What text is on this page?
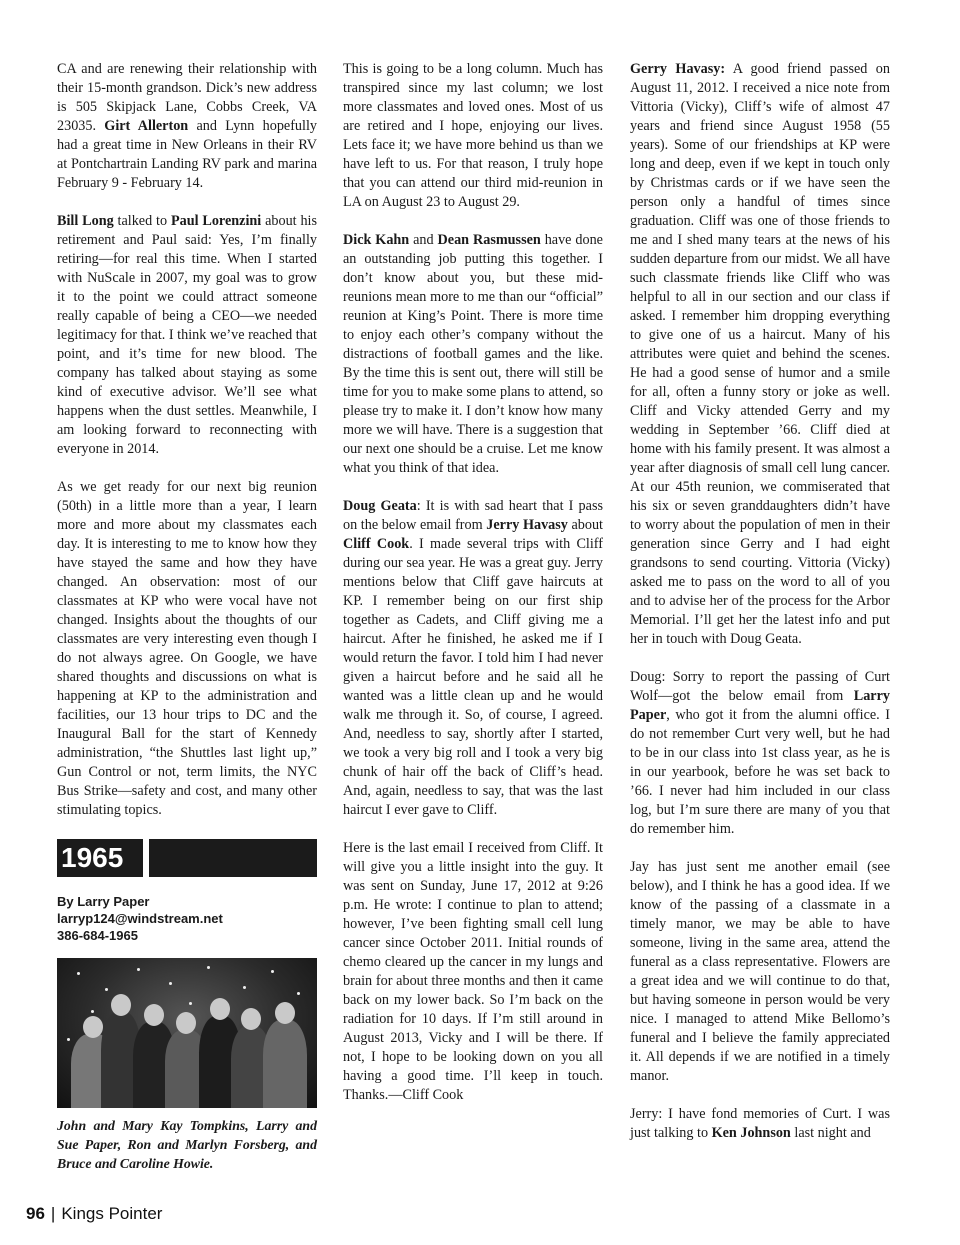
CA and are renewing their relationship with their 15-month grandson. Dick’s new address is 505 Skipjack Lane, Cobbs Creek, VA 23035. Girt Allerton and Lynn hopefully had a great time in New Orleans in their RV at Pontchartrain Landing RV park and marina February 9 - February 14.

Bill Long talked to Paul Lorenzini about his retirement and Paul said: Yes, I’m finally retiring—for real this time. When I started with NuScale in 2007, my goal was to grow it to the point we could attract someone really capable of being a CEO—we needed legitimacy for that. I think we’ve reached that point, and it’s time for new blood. The company has talked about staying as some kind of executive advisor. We’ll see what happens when the dust settles. Meanwhile, I am looking forward to reconnecting with everyone in 2014.

As we get ready for our next big reunion (50th) in a little more than a year, I learn more and more about my classmates each day. It is interesting to me to know how they have stayed the same and how they have changed. An observation: most of our classmates at KP who were vocal have not changed. Insights about the thoughts of our classmates are very interesting even though I do not always agree. On Google, we have shared thoughts and discussions on what is happening at KP to the administration and facilities, our 13 hour trips to DC and the Inaugural Ball for the start of Kennedy administration, “the Shuttles last light up,” Gun Control or not, term limits, the NYC Bus Strike—safety and cost, and many other stimulating topics.

1965
By Larry Paper
larryp124@windstream.net
386-684-1965
John and Mary Kay Tompkins, Larry and Sue Paper, Ron and Marlyn Forsberg, and Bruce and Caroline Howie.

This is going to be a long column. Much has transpired since my last column; we lost more classmates and loved ones. Most of us are retired and I hope, enjoying our lives. Lets face it; we have more behind us than we have left to us. For that reason, I truly hope that you can attend our third mid-reunion in LA on August 23 to August 29.

Dick Kahn and Dean Rasmussen have done an outstanding job putting this together. I don’t know about you, but these mid-reunions mean more to me than our “official” reunion at King’s Point. There is more time to enjoy each other’s company without the distractions of football games and the like. By the time this is sent out, there will still be time for you to make some plans to attend, so please try to make it. I don’t know how many more we will have. There is a suggestion that our next one should be a cruise. Let me know what you think of that idea.

Doug Geata: It is with sad heart that I pass on the below email from Jerry Havasy about Cliff Cook. I made several trips with Cliff during our sea year. He was a great guy. Jerry mentions below that Cliff gave haircuts at KP. I remember being on our first ship together as Cadets, and Cliff giving me a haircut. After he finished, he asked me if I would return the favor. I told him I had never given a haircut before and he said all he wanted was a little clean up and he would walk me through it. So, of course, I agreed. And, needless to say, shortly after I started, we took a very big roll and I took a very big chunk of hair off the back of Cliff’s head. And, again, needless to say, that was the last haircut I ever gave to Cliff.

Here is the last email I received from Cliff. It will give you a little insight into the guy. It was sent on Sunday, June 17, 2012 at 9:26 p.m. He wrote: I continue to plan to attend; however, I’ve been fighting small cell lung cancer since October 2011. Initial rounds of chemo cleared up the cancer in my lungs and brain for about three months and then it came back on my lower back. So I’m back on the radiation for 10 days. If I’m still around in August 2013, Vicky and I will be there. If not, I hope to be looking down on you all having a good time. I’ll keep in touch. Thanks.—Cliff Cook

Gerry Havasy: A good friend passed on August 11, 2012. I received a nice note from Vittoria (Vicky), Cliff’s wife of almost 47 years and friend since August 1958 (55 years). Some of our friendships at KP were long and deep, even if we kept in touch only by Christmas cards or if we have seen the person only a handful of times since graduation. Cliff was one of those friends to me and I shed many tears at the news of his sudden departure from our midst. We all have such classmate friends like Cliff who was helpful to all in our section and our class if asked. I remember him dropping everything to give one of us a haircut. Many of his attributes were quiet and behind the scenes. He had a good sense of humor and a smile for all, often a funny story or joke as well. Cliff and Vicky attended Gerry and my wedding in September ’66. Cliff died at home with his family present. It was almost a year after diagnosis of small cell lung cancer. At our 45th reunion, we commiserated that his six or seven granddaughters didn’t have to worry about the population of men in their generation since Gerry and I had eight grandsons to send courting. Vittoria (Vicky) asked me to pass on the word to all of you and to advise her of the process for the Arbor Memorial. I’ll get her the latest info and put her in touch with Doug Geata.

Doug: Sorry to report the passing of Curt Wolf—got the below email from Larry Paper, who got it from the alumni office. I do not remember Curt very well, but he had to be in our class into 1st class year, as he is in our yearbook, before he was set back to ’66. I never had him included in our class log, but I’m sure there are many of you that do remember him.

Jay has just sent me another email (see below), and I think he has a good idea. If we know of the passing of a classmate in a timely manor, we may be able to have someone, living in the same area, attend the funeral as a class representative. Flowers are a great idea and we will continue to do that, but having someone in person would be very nice. I managed to attend Mike Bellomo’s funeral and I believe the family appreciated it. All depends if we are notified in a timely manor.

Jerry: I have fond memories of Curt. I was just talking to Ken Johnson last night and

96 | Kings Pointer
